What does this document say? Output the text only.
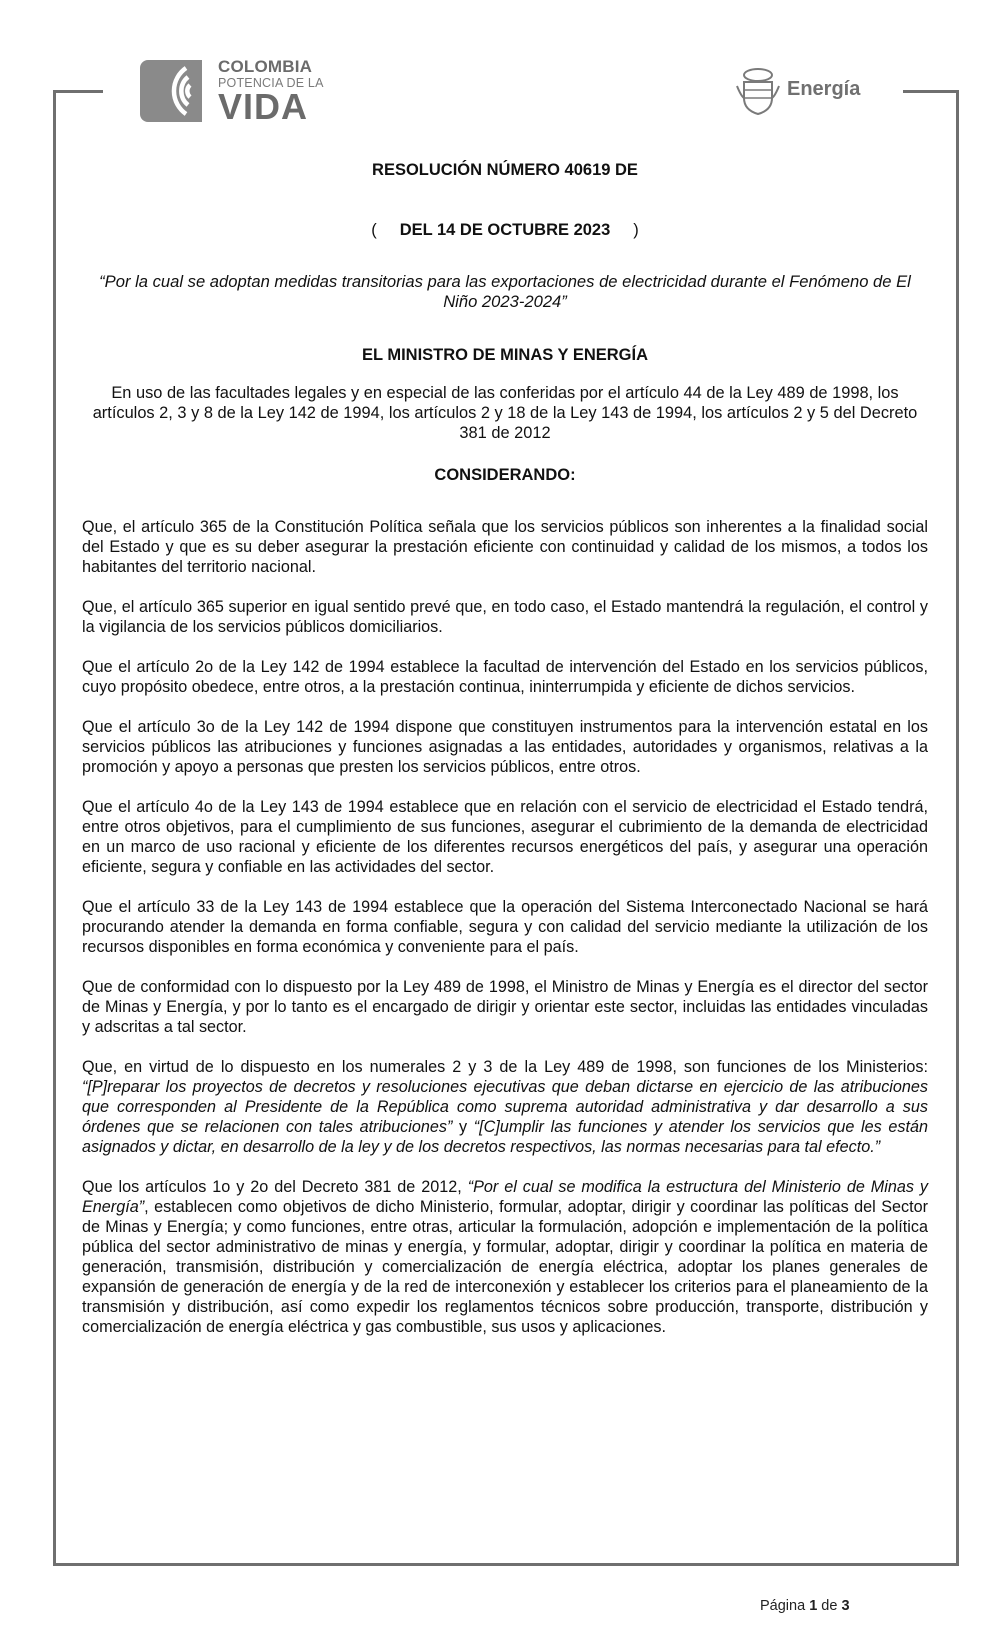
COLOMBIA
POTENCIA DE LA
VIDA	Energía
RESOLUCIÓN NÚMERO 40619 DE
( DEL 14 DE OCTUBRE 2023 )
“Por la cual se adoptan medidas transitorias para las exportaciones de electricidad durante el Fenómeno de El Niño 2023-2024”
EL MINISTRO DE MINAS Y ENERGÍA
En uso de las facultades legales y en especial de las conferidas por el artículo 44 de la Ley 489 de 1998, los artículos 2, 3 y 8 de la Ley 142 de 1994, los artículos 2 y 18 de la Ley 143 de 1994, los artículos 2 y 5 del Decreto 381 de 2012
CONSIDERANDO:

Que, el artículo 365 de la Constitución Política señala que los servicios públicos son inherentes a la finalidad social del Estado y que es su deber asegurar la prestación eficiente con continuidad y calidad de los mismos, a todos los habitantes del territorio nacional.

Que, el artículo 365 superior en igual sentido prevé que, en todo caso, el Estado mantendrá la regulación, el control y la vigilancia de los servicios públicos domiciliarios.

Que el artículo 2o de la Ley 142 de 1994 establece la facultad de intervención del Estado en los servicios públicos, cuyo propósito obedece, entre otros, a la prestación continua, ininterrumpida y eficiente de dichos servicios.

Que el artículo 3o de la Ley 142 de 1994 dispone que constituyen instrumentos para la intervención estatal en los servicios públicos las atribuciones y funciones asignadas a las entidades, autoridades y organismos, relativas a la promoción y apoyo a personas que presten los servicios públicos, entre otros.

Que el artículo 4o de la Ley 143 de 1994 establece que en relación con el servicio de electricidad el Estado tendrá, entre otros objetivos, para el cumplimiento de sus funciones, asegurar el cubrimiento de la demanda de electricidad en un marco de uso racional y eficiente de los diferentes recursos energéticos del país, y asegurar una operación eficiente, segura y confiable en las actividades del sector.

Que el artículo 33 de la Ley 143 de 1994 establece que la operación del Sistema Interconectado Nacional se hará procurando atender la demanda en forma confiable, segura y con calidad del servicio mediante la utilización de los recursos disponibles en forma económica y conveniente para el país.

Que de conformidad con lo dispuesto por la Ley 489 de 1998, el Ministro de Minas y Energía es el director del sector de Minas y Energía, y por lo tanto es el encargado de dirigir y orientar este sector, incluidas las entidades vinculadas y adscritas a tal sector.

Que, en virtud de lo dispuesto en los numerales 2 y 3 de la Ley 489 de 1998, son funciones de los Ministerios: “[P]reparar los proyectos de decretos y resoluciones ejecutivas que deban dictarse en ejercicio de las atribuciones que corresponden al Presidente de la República como suprema autoridad administrativa y dar desarrollo a sus órdenes que se relacionen con tales atribuciones” y “[C]umplir las funciones y atender los servicios que les están asignados y dictar, en desarrollo de la ley y de los decretos respectivos, las normas necesarias para tal efecto.”

Que los artículos 1o y 2o del Decreto 381 de 2012, “Por el cual se modifica la estructura del Ministerio de Minas y Energía”, establecen como objetivos de dicho Ministerio, formular, adoptar, dirigir y coordinar las políticas del Sector de Minas y Energía; y como funciones, entre otras, articular la formulación, adopción e implementación de la política pública del sector administrativo de minas y energía, y formular, adoptar, dirigir y coordinar la política en materia de generación, transmisión, distribución y comercialización de energía eléctrica, adoptar los planes generales de expansión de generación de energía y de la red de interconexión y establecer los criterios para el planeamiento de la transmisión y distribución, así como expedir los reglamentos técnicos sobre producción, transporte, distribución y comercialización de energía eléctrica y gas combustible, sus usos y aplicaciones.

Página 1 de 3
